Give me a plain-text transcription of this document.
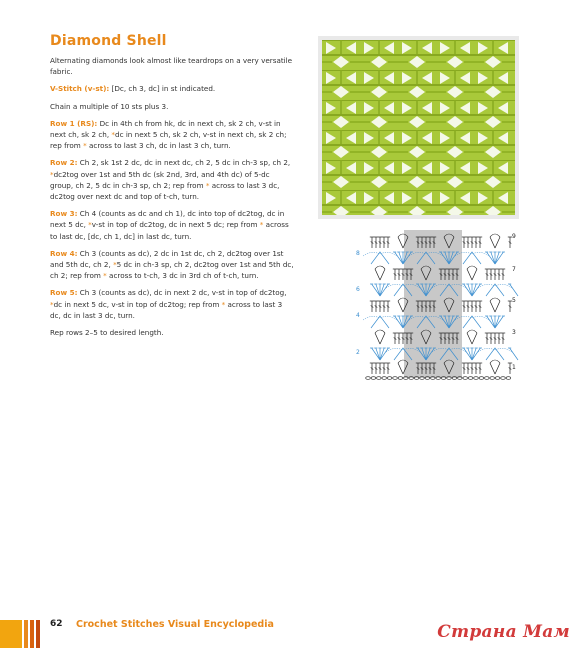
Diamond Shell

Alternating diamonds look almost like teardrops on a very versatile fabric.

V-Stitch (v-st): [Dc, ch 3, dc] in st indicated.

Chain a multiple of 10 sts plus 3.

Row 1 (RS): Dc in 4th ch from hk, dc in next ch, sk 2 ch, v-st in next ch, sk 2 ch, *dc in next 5 ch, sk 2 ch, v-st in next ch, sk 2 ch; rep from * across to last 3 ch, dc in last 3 ch, turn.

Row 2: Ch 2, sk 1st 2 dc, dc in next dc, ch 2, 5 dc in ch-3 sp, ch 2, *dc2tog over 1st and 5th dc (sk 2nd, 3rd, and 4th dc) of 5-dc group, ch 2, 5 dc in ch-3 sp, ch 2; rep from * across to last 3 dc, dc2tog over next dc and top of t-ch, turn.

Row 3: Ch 4 (counts as dc and ch 1), dc into top of dc2tog, dc in next 5 dc, *v-st in top of dc2tog, dc in next 5 dc; rep from * across to last dc, [dc, ch 1, dc] in last dc, turn.

Row 4: Ch 3 (counts as dc), 2 dc in 1st dc, ch 2, dc2tog over 1st and 5th dc, ch 2, *5 dc in ch-3 sp, ch 2, dc2tog over 1st and 5th dc, ch 2; rep from * across to t-ch, 3 dc in 3rd ch of t-ch, turn.

Row 5: Ch 3 (counts as dc), dc in next 2 dc, v-st in top of dc2tog, *dc in next 5 dc, v-st in top of dc2tog; rep from * across to last 3 dc, dc in last 3 dc, turn.

Rep rows 2–5 to desired length.

9
7
5
3
1
8
6
4
2
62 Crochet Stitches Visual Encyclopedia	Страна Мам
